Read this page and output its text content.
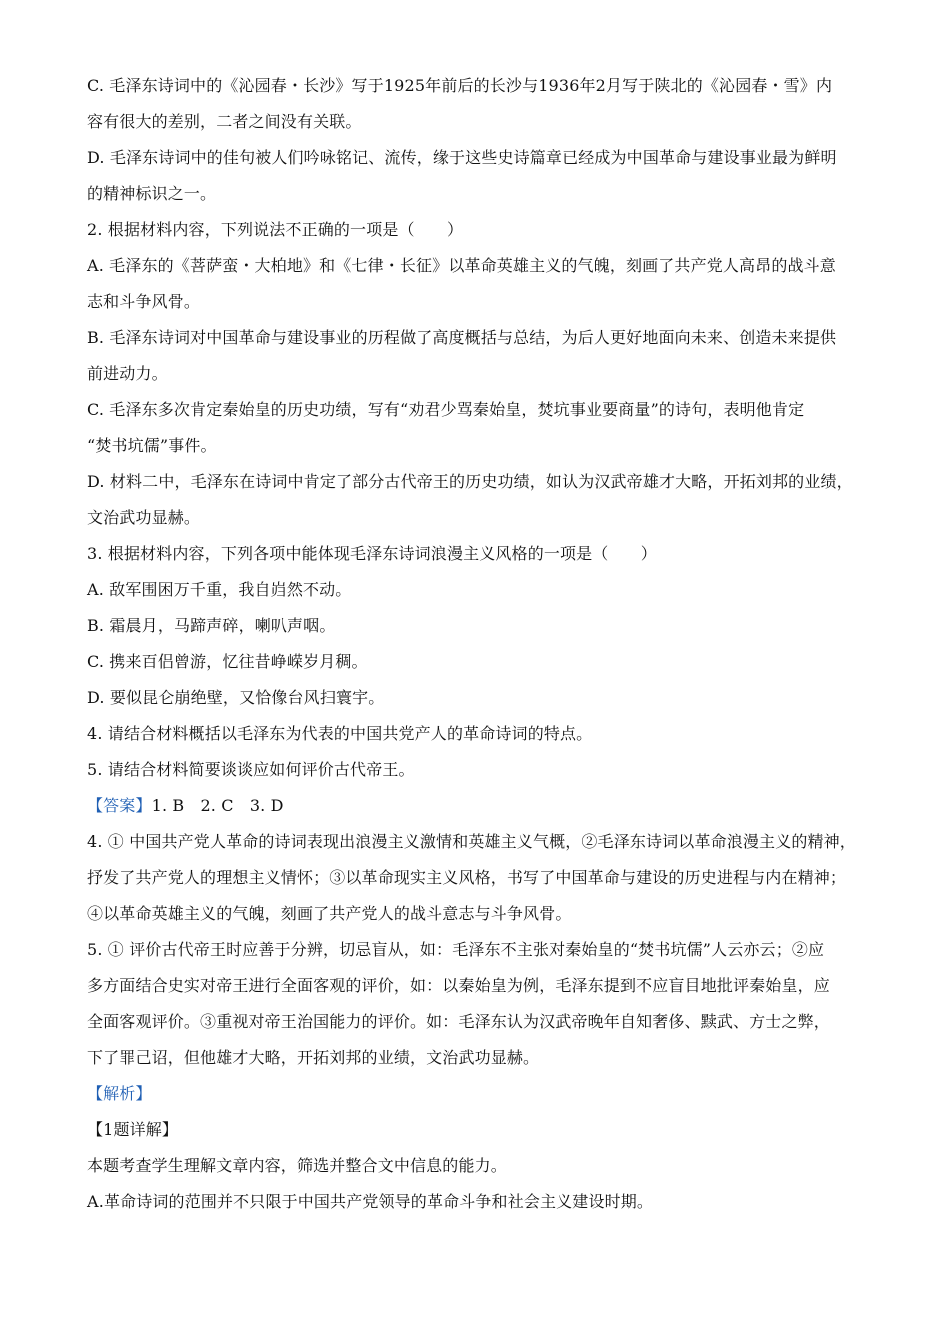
C. 毛泽东诗词中的《沁园春・长沙》写于1925年前后的长沙与1936年2月写于陕北的《沁园春・雪》内
容有很大的差别，二者之间没有关联。
D. 毛泽东诗词中的佳句被人们吟咏铭记、流传，缘于这些史诗篇章已经成为中国革命与建设事业最为鲜明
的精神标识之一。
2. 根据材料内容，下列说法不正确的一项是（　　）
A. 毛泽东的《菩萨蛮・大柏地》和《七律・长征》以革命英雄主义的气魄，刻画了共产党人高昂的战斗意
志和斗争风骨。
B. 毛泽东诗词对中国革命与建设事业的历程做了高度概括与总结，为后人更好地面向未来、创造未来提供
前进动力。
C. 毛泽东多次肯定秦始皇的历史功绩，写有“劝君少骂秦始皇，焚坑事业要商量”的诗句，表明他肯定
“焚书坑儒”事件。
D. 材料二中，毛泽东在诗词中肯定了部分古代帝王的历史功绩，如认为汉武帝雄才大略，开拓刘邦的业绩，
文治武功显赫。
3. 根据材料内容，下列各项中能体现毛泽东诗词浪漫主义风格的一项是（　　）
A. 敌军围困万千重，我自岿然不动。
B. 霜晨月，马蹄声碎，喇叭声咽。
C. 携来百侣曾游，忆往昔峥嵘岁月稠。
D. 要似昆仑崩绝壁，又恰像台风扫寰宇。
4. 请结合材料概括以毛泽东为代表的中国共党产人的革命诗词的特点。
5. 请结合材料简要谈谈应如何评价古代帝王。
【答案】1. B　2. C　3. D
4. ① 中国共产党人革命的诗词表现出浪漫主义激情和英雄主义气概，②毛泽东诗词以革命浪漫主义的精神，
抒发了共产党人的理想主义情怀；③以革命现实主义风格，书写了中国革命与建设的历史进程与内在精神；
④以革命英雄主义的气魄，刻画了共产党人的战斗意志与斗争风骨。
5. ① 评价古代帝王时应善于分辨，切忌盲从，如：毛泽东不主张对秦始皇的“焚书坑儒”人云亦云；②应
多方面结合史实对帝王进行全面客观的评价，如：以秦始皇为例，毛泽东提到不应盲目地批评秦始皇，应
全面客观评价。③重视对帝王治国能力的评价。如：毛泽东认为汉武帝晚年自知奢侈、黩武、方士之弊，
下了罪己诏，但他雄才大略，开拓刘邦的业绩，文治武功显赫。
【解析】
【1题详解】
本题考查学生理解文章内容，筛选并整合文中信息的能力。
A.革命诗词的范围并不只限于中国共产党领导的革命斗争和社会主义建设时期。
